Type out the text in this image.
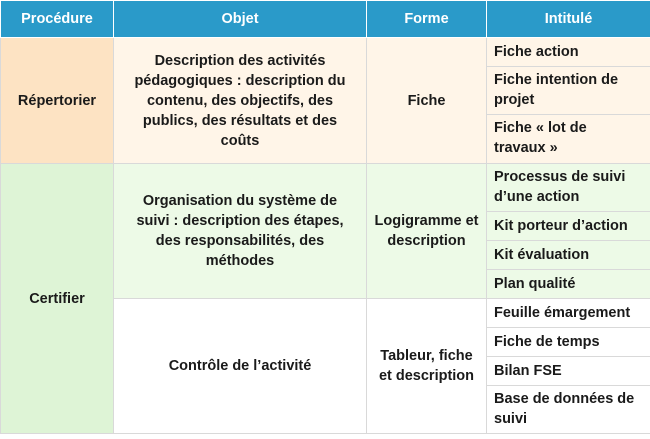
Procédure	Objet	Forme	Intitulé
Répertorier	Description des activités pédagogiques : description du contenu, des objectifs, des publics, des résultats et des coûts	Fiche	Fiche action
			Fiche intention de projet
			Fiche « lot de travaux »
Certifier	Organisation du système de suivi : description des étapes, des responsabilités, des méthodes	Logigramme et description	Processus de suivi d’une action
			Kit porteur d’action
			Kit évaluation
			Plan qualité
	Contrôle de l’activité	Tableur, fiche et description	Feuille émargement
			Fiche de temps
			Bilan FSE
			Base de données de suivi
